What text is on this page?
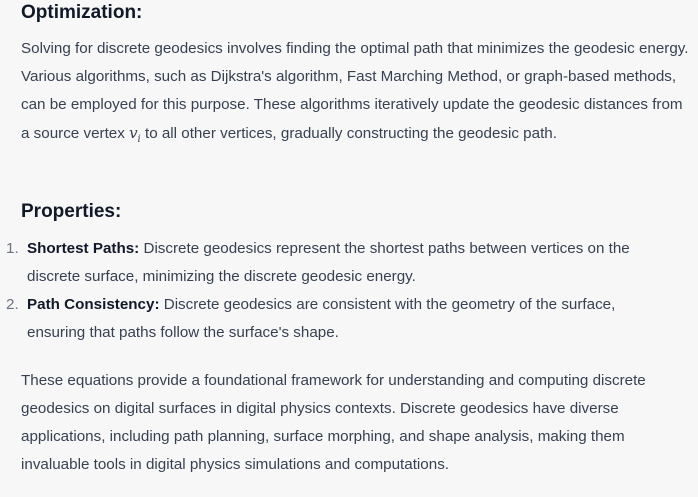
Optimization:

Solving for discrete geodesics involves finding the optimal path that minimizes the geodesic energy. Various algorithms, such as Dijkstra's algorithm, Fast Marching Method, or graph-based methods, can be employed for this purpose. These algorithms iteratively update the geodesic distances from a source vertex $v_i$ to all other vertices, gradually constructing the geodesic path.

Properties:
1. Shortest Paths: Discrete geodesics represent the shortest paths between vertices on the discrete surface, minimizing the discrete geodesic energy.
2. Path Consistency: Discrete geodesics are consistent with the geometry of the surface, ensuring that paths follow the surface's shape.

These equations provide a foundational framework for understanding and computing discrete geodesics on digital surfaces in digital physics contexts. Discrete geodesics have diverse applications, including path planning, surface morphing, and shape analysis, making them invaluable tools in digital physics simulations and computations.
